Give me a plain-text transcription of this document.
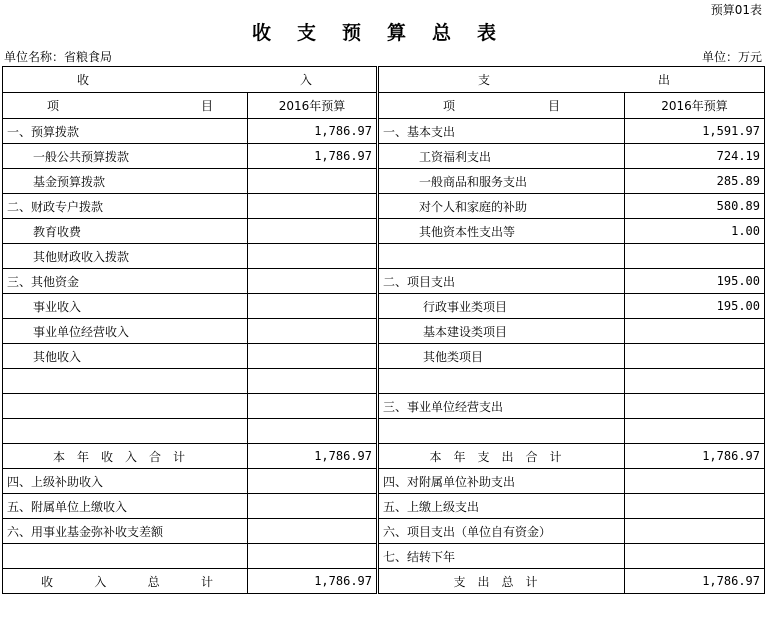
预算01表
收支预算总表
单位名称：省粮食局	单位：万元
收 入		支 出	

项 目	2016年预算	项 目	2016年预算
一、预算拨款	1,786.97	一、基本支出	1,591.97
一般公共预算拨款	1,786.97	工资福利支出	724.19
基金预算拨款		一般商品和服务支出	285.89
二、财政专户拨款		对个人和家庭的补助	580.89
教育收费		其他资本性支出等	1.00
其他财政收入拨款			
三、其他资金		二、项目支出	195.00
事业收入		行政事业类项目	195.00
事业单位经营收入		基本建设类项目	
其他收入		其他类项目	

		三、事业单位经营支出	

本年收入合计	1,786.97	本年支出合计	1,786.97
四、上级补助收入		四、对附属单位补助支出	
五、附属单位上缴收入		五、上缴上级支出	
六、用事业基金弥补收支差额		六、项目支出（单位自有资金）	
		七、结转下年	

收 入 总 计	1,786.97	支出总计	1,786.97
